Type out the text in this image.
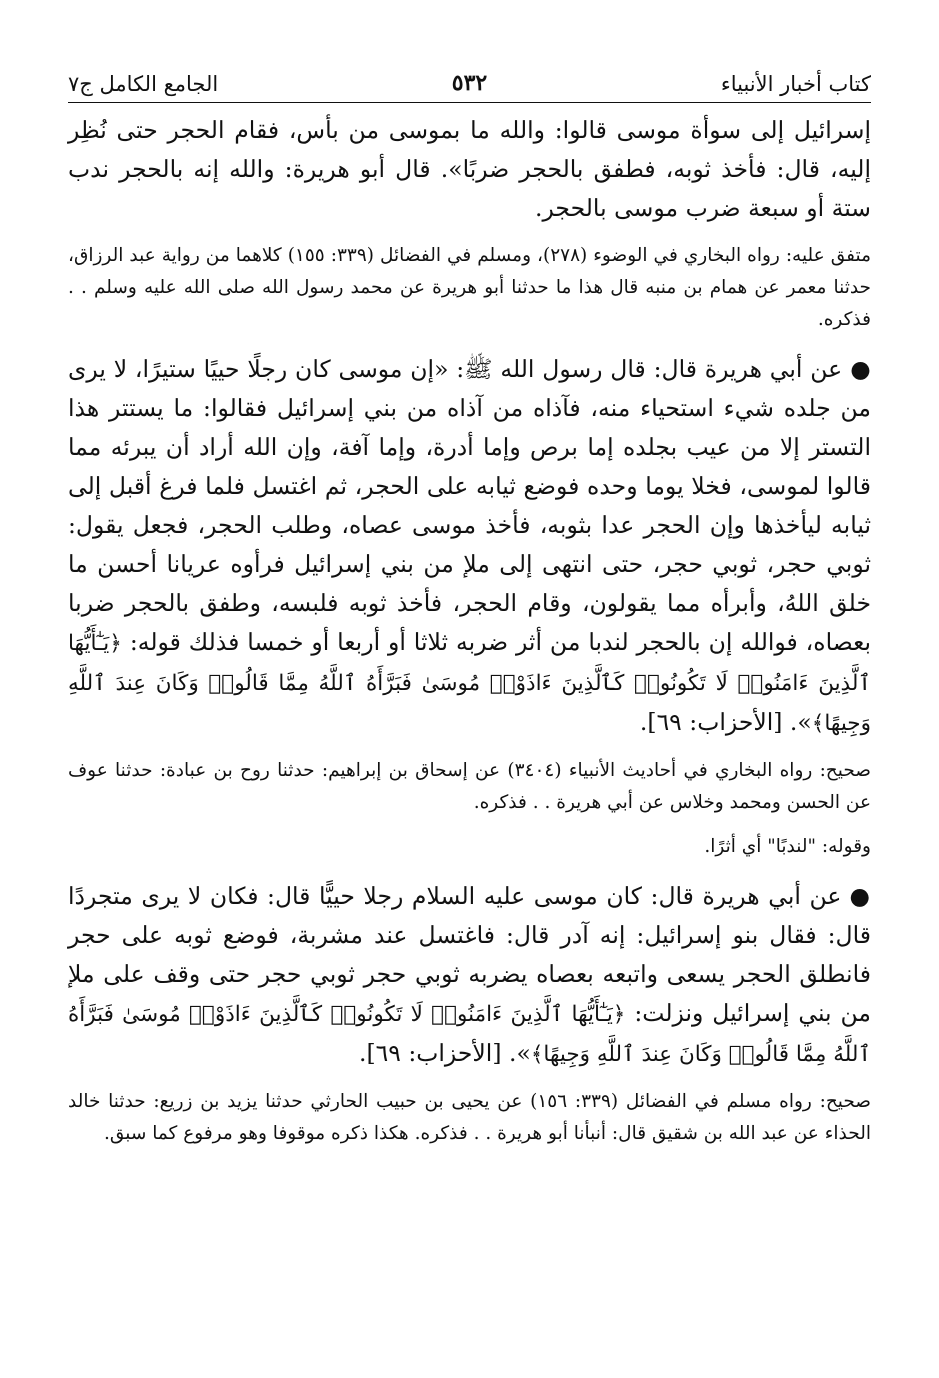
كتاب أخبار الأنبياء
٥٣٢
الجامع الكامل ج٧

إسرائيل إلى سوأة موسى قالوا: والله ما بموسى من بأس، فقام الحجر حتى نُظِر إليه، قال: فأخذ ثوبه، فطفق بالحجر ضربًا». قال أبو هريرة: والله إنه بالحجر ندب ستة أو سبعة ضرب موسى بالحجر.

متفق عليه: رواه البخاري في الوضوء (٢٧٨)، ومسلم في الفضائل (٣٣٩: ١٥٥) كلاهما من رواية عبد الرزاق، حدثنا معمر عن همام بن منبه قال هذا ما حدثنا أبو هريرة عن محمد رسول الله صلى الله عليه وسلم . . فذكره.

●عن أبي هريرة قال: قال رسول الله ﷺ: «إن موسى كان رجلًا حييًا ستيرًا، لا يرى من جلده شيء استحياء منه، فآذاه من آذاه من بني إسرائيل فقالوا: ما يستتر هذا التستر إلا من عيب بجلده إما برص وإما أدرة، وإما آفة، وإن الله أراد أن يبرئه مما قالوا لموسى، فخلا يوما وحده فوضع ثيابه على الحجر، ثم اغتسل فلما فرغ أقبل إلى ثيابه ليأخذها وإن الحجر عدا بثوبه، فأخذ موسى عصاه، وطلب الحجر، فجعل يقول: ثوبي حجر، ثوبي حجر، حتى انتهى إلى ملإ من بني إسرائيل فرأوه عريانا أحسن ما خلق اللهُ، وأبرأه مما يقولون، وقام الحجر، فأخذ ثوبه فلبسه، وطفق بالحجر ضربا بعصاه، فوالله إن بالحجر لندبا من أثر ضربه ثلاثا أو أربعا أو خمسا فذلك قوله: ﴿يَـٰٓأَيُّهَا ٱلَّذِينَ ءَامَنُوا۟ لَا تَكُونُوا۟ كَٱلَّذِينَ ءَاذَوْا۟ مُوسَىٰ فَبَرَّأَهُ ٱللَّهُ مِمَّا قَالُوا۟ وَكَانَ عِندَ ٱللَّهِ وَجِيهًا﴾». [الأحزاب: ٦٩].

صحيح: رواه البخاري في أحاديث الأنبياء (٣٤٠٤) عن إسحاق بن إبراهيم: حدثنا روح بن عبادة: حدثنا عوف عن الحسن ومحمد وخلاس عن أبي هريرة . . فذكره.

وقوله: "لندبًا" أي أثرًا.

●عن أبي هريرة قال: كان موسى عليه السلام رجلا حييًّا قال: فكان لا يرى متجردًا قال: فقال بنو إسرائيل: إنه آدر قال: فاغتسل عند مشربة، فوضع ثوبه على حجر فانطلق الحجر يسعى واتبعه بعصاه يضربه ثوبي حجر ثوبي حجر حتى وقف على ملإ من بني إسرائيل ونزلت: ﴿يَـٰٓأَيُّهَا ٱلَّذِينَ ءَامَنُوا۟ لَا تَكُونُوا۟ كَٱلَّذِينَ ءَاذَوْا۟ مُوسَىٰ فَبَرَّأَهُ ٱللَّهُ مِمَّا قَالُوا۟ وَكَانَ عِندَ ٱللَّهِ وَجِيهًا﴾». [الأحزاب: ٦٩].

صحيح: رواه مسلم في الفضائل (٣٣٩: ١٥٦) عن يحيى بن حبيب الحارثي حدثنا يزيد بن زريع: حدثنا خالد الحذاء عن عبد الله بن شقيق قال: أنبأنا أبو هريرة . . فذكره. هكذا ذكره موقوفا وهو مرفوع كما سبق.
